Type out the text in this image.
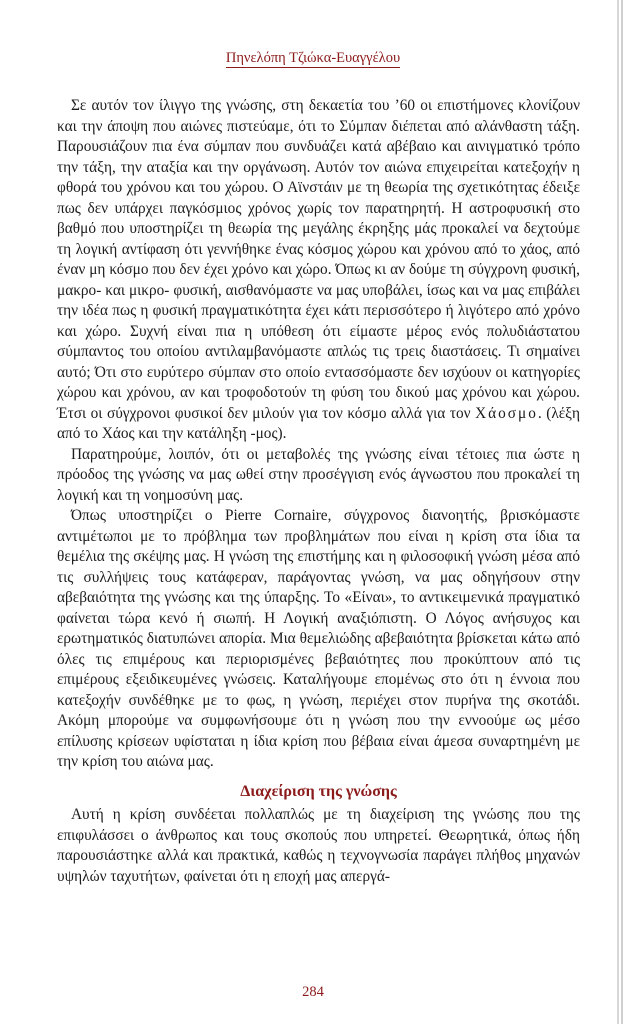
Πηνελόπη Τζιώκα-Ευαγγέλου

Σε αυτόν τον ίλιγγο της γνώσης, στη δεκαετία του ’60 οι επιστήμονες κλονίζουν και την άποψη που αιώνες πιστεύαμε, ότι το Σύμπαν διέπεται από αλάνθαστη τάξη. Παρουσιάζουν πια ένα σύμπαν που συνδυάζει κατά αβέβαιο και αινιγματικό τρόπο την τάξη, την αταξία και την οργάνωση. Αυτόν τον αιώνα επιχειρείται κατεξοχήν η φθορά του χρόνου και του χώρου. Ο Αϊνστάιν με τη θεωρία της σχετικότητας έδειξε πως δεν υπάρχει παγκόσμιος χρόνος χωρίς τον παρατηρητή. Η αστροφυσική στο βαθμό που υποστηρίζει τη θεωρία της μεγάλης έκρηξης μάς προκαλεί να δεχτούμε τη λογική αντίφαση ότι γεννήθηκε ένας κόσμος χώρου και χρόνου από το χάος, από έναν μη κόσμο που δεν έχει χρόνο και χώρο. Όπως κι αν δούμε τη σύγχρονη φυσική, μακρο- και μικρο- φυσική, αισθανόμαστε να μας υποβάλει, ίσως και να μας επιβάλει την ιδέα πως η φυσική πραγματικότητα έχει κάτι περισσότερο ή λιγότερο από χρόνο και χώρο. Συχνή είναι πια η υπόθεση ότι είμαστε μέρος ενός πολυδιάστατου σύμπαντος του οποίου αντιλαμβανόμαστε απλώς τις τρεις διαστάσεις. Τι σημαίνει αυτό; Ότι στο ευρύτερο σύμπαν στο οποίο εντασσόμαστε δεν ισχύουν οι κατηγορίες χώρου και χρόνου, αν και τροφοδοτούν τη φύση του δικού μας χρόνου και χώρου. Έτσι οι σύγχρονοι φυσικοί δεν μιλούν για τον κόσμο αλλά για τον Χάοσμο. (λέξη από το Χάος και την κατάληξη -μος).

Παρατηρούμε, λοιπόν, ότι οι μεταβολές της γνώσης είναι τέτοιες πια ώστε η πρόοδος της γνώσης να μας ωθεί στην προσέγγιση ενός άγνωστου που προκαλεί τη λογική και τη νοημοσύνη μας.

Όπως υποστηρίζει ο Pierre Cornaire, σύγχρονος διανοητής, βρισκόμαστε αντιμέτωποι με το πρόβλημα των προβλημάτων που είναι η κρίση στα ίδια τα θεμέλια της σκέψης μας. Η γνώση της επιστήμης και η φιλοσοφική γνώση μέσα από τις συλλήψεις τους κατάφεραν, παράγοντας γνώση, να μας οδηγήσουν στην αβεβαιότητα της γνώσης και της ύπαρξης. Το «Είναι», το αντικειμενικά πραγματικό φαίνεται τώρα κενό ή σιωπή. Η Λογική αναξιόπιστη. Ο Λόγος ανήσυχος και ερωτηματικός διατυπώνει απορία. Μια θεμελιώδης αβεβαιότητα βρίσκεται κάτω από όλες τις επιμέρους και περιορισμένες βεβαιότητες που προκύπτουν από τις επιμέρους εξειδικευμένες γνώσεις. Καταλήγουμε επομένως στο ότι η έννοια που κατεξοχήν συνδέθηκε με το φως, η γνώση, περιέχει στον πυρήνα της σκοτάδι. Ακόμη μπορούμε να συμφωνήσουμε ότι η γνώση που την εννοούμε ως μέσο επίλυσης κρίσεων υφίσταται η ίδια κρίση που βέβαια είναι άμεσα συναρτημένη με την κρίση του αιώνα μας.

Διαχείριση της γνώσης

Αυτή η κρίση συνδέεται πολλαπλώς με τη διαχείριση της γνώσης που της επιφυλάσσει ο άνθρωπος και τους σκοπούς που υπηρετεί. Θεωρητικά, όπως ήδη παρουσιάστηκε αλλά και πρακτικά, καθώς η τεχνογνωσία παράγει πλήθος μηχανών υψηλών ταχυτήτων, φαίνεται ότι η εποχή μας απεργά-

284
